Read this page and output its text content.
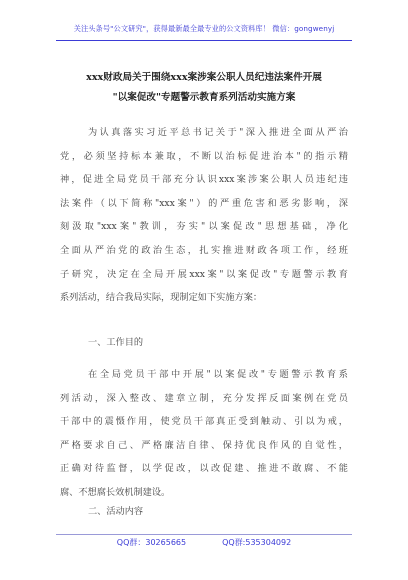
关注头条号"公文研究"，获得最新最全最专业的公文资料库！ 微信：gongwenyj
xxx财政局关于围绕xxx案涉案公职人员纪违法案件开展
"以案促改"专题警示教育系列活动实施方案
为认真落实习近平总书记关于"深入推进全面从严治
党，必须坚持标本兼取，不断以治标促进治本"的指示精
神，促进全局党员干部充分认识xxx案涉案公职人员违纪违
法案件（以下简称"xxx案"）的严重危害和恶劣影响，深
刻汲取"xxx案"教训，夯实"以案促改"思想基础，净化
全面从严治党的政治生态，扎实推进财政各项工作，经班
子研究，决定在全局开展xxx案"以案促改"专题警示教育
系列活动，结合我局实际，现制定如下实施方案：
一、工作目的
在全局党员干部中开展"以案促改"专题警示教育系
列活动，深入整改、建章立制，充分发挥反面案例在党员
干部中的震慑作用，使党员干部真正受到触动、引以为戒，
严格要求自己、严格廉洁自律、保持优良作风的自觉性，
正确对待监督，以学促改，以改促建、推进不敢腐、不能
腐、不想腐长效机制建设。
二、活动内容
QQ群：30265665	QQ群:535304092
